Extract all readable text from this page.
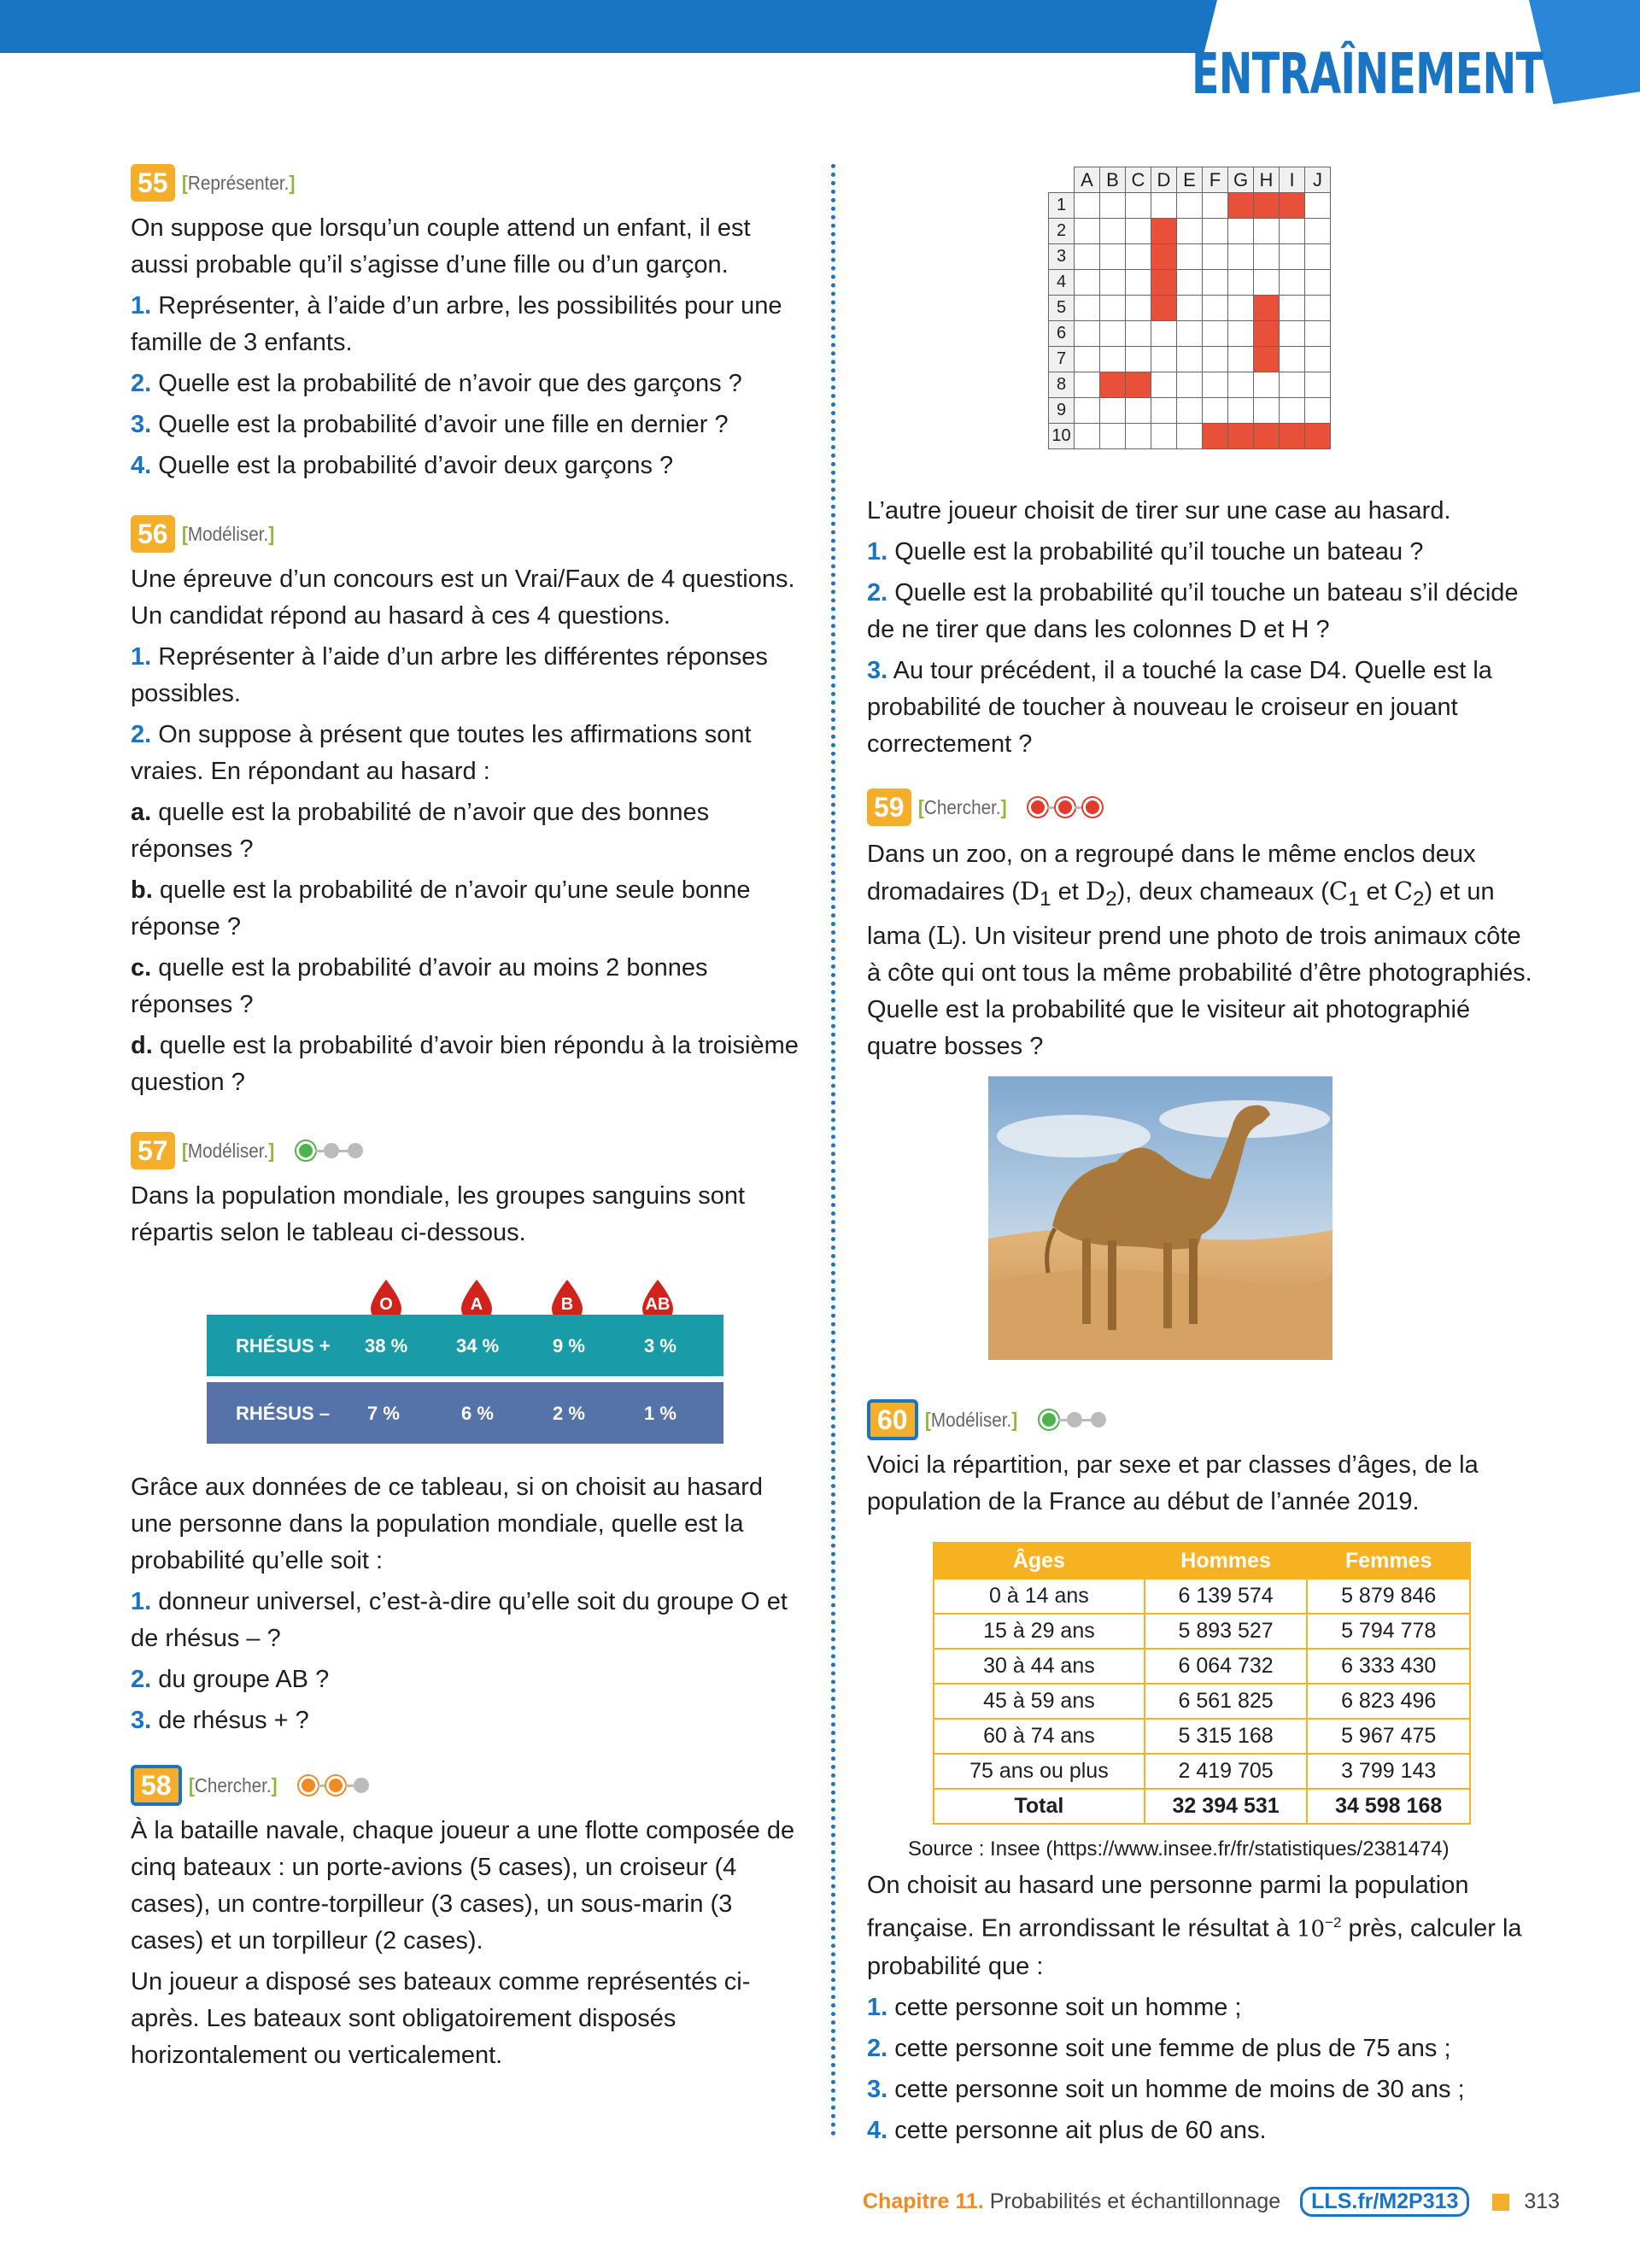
ENTRAÎNEMENT
55 [Représenter.]
On suppose que lorsqu’un couple attend un enfant, il est aussi probable qu’il s’agisse d’une fille ou d’un garçon.
1. Représenter, à l’aide d’un arbre, les possibilités pour une famille de 3 enfants.
2. Quelle est la probabilité de n’avoir que des garçons ?
3. Quelle est la probabilité d’avoir une fille en dernier ?
4. Quelle est la probabilité d’avoir deux garçons ?
56 [Modéliser.]
Une épreuve d’un concours est un Vrai/Faux de 4 questions. Un candidat répond au hasard à ces 4 questions.
1. Représenter à l’aide d’un arbre les différentes réponses possibles.
2. On suppose à présent que toutes les affirmations sont vraies. En répondant au hasard :
a. quelle est la probabilité de n’avoir que des bonnes réponses ?
b. quelle est la probabilité de n’avoir qu’une seule bonne réponse ?
c. quelle est la probabilité d’avoir au moins 2 bonnes réponses ?
d. quelle est la probabilité d’avoir bien répondu à la troisième question ?
57 [Modéliser.]
Dans la population mondiale, les groupes sanguins sont répartis selon le tableau ci-dessous.
O	A	B	AB
RHÉSUS + 38 %	34 %	9 %	3 %
RHÉSUS – 7 %	6 %	2 %	1 %
Grâce aux données de ce tableau, si on choisit au hasard une personne dans la population mondiale, quelle est la probabilité qu’elle soit :
1. donneur universel, c’est-à-dire qu’elle soit du groupe O et de rhésus – ?
2. du groupe AB ?
3. de rhésus + ?
58 [Chercher.]
À la bataille navale, chaque joueur a une flotte composée de cinq bateaux : un porte-avions (5 cases), un croiseur (4 cases), un contre-torpilleur (3 cases), un sous-marin (3 cases) et un torpilleur (2 cases).
Un joueur a disposé ses bateaux comme représentés ci-après. Les bateaux sont obligatoirement disposés horizontalement ou verticalement.
	A	B	C	D	E	F	G	H	I	J
1										
2										
3										
4										
5										
6										
7										
8										
9										
10										
L’autre joueur choisit de tirer sur une case au hasard.
1. Quelle est la probabilité qu’il touche un bateau ?
2. Quelle est la probabilité qu’il touche un bateau s’il décide de ne tirer que dans les colonnes D et H ?
3. Au tour précédent, il a touché la case D4. Quelle est la probabilité de toucher à nouveau le croiseur en jouant correctement ?
59 [Chercher.]
Dans un zoo, on a regroupé dans le même enclos deux dromadaires ($D_1$ et $D_2$), deux chameaux ($C_1$ et $C_2$) et un lama (L). Un visiteur prend une photo de trois animaux côte à côte qui ont tous la même probabilité d’être photographiés. Quelle est la probabilité que le visiteur ait photographié quatre bosses ?
60 [Modéliser.]
Voici la répartition, par sexe et par classes d’âges, de la population de la France au début de l’année 2019.
Âges	Hommes	Femmes
0 à 14 ans	6 139 574	5 879 846
15 à 29 ans	5 893 527	5 794 778
30 à 44 ans	6 064 732	6 333 430
45 à 59 ans	6 561 825	6 823 496
60 à 74 ans	5 315 168	5 967 475
75 ans ou plus	2 419 705	3 799 143
Total	32 394 531	34 598 168
Source : Insee (https://www.insee.fr/fr/statistiques/2381474)
On choisit au hasard une personne parmi la population française. En arrondissant le résultat à $10^{-2}$ près, calculer la probabilité que :
1. cette personne soit un homme ;
2. cette personne soit une femme de plus de 75 ans ;
3. cette personne soit un homme de moins de 30 ans ;
4. cette personne ait plus de 60 ans.
Chapitre 11. Probabilités et échantillonnage LLS.fr/M2P313	313
